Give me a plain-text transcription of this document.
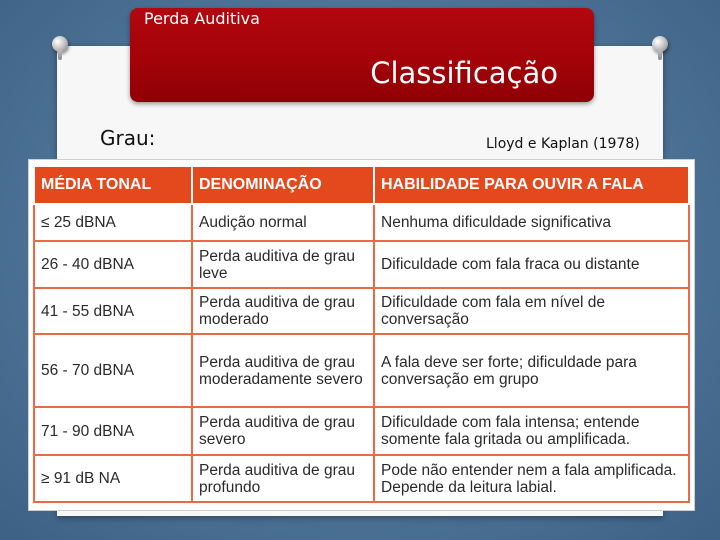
Perda Auditiva
Classificação
Grau:	Lloyd e Kaplan (1978)
MÉDIA TONAL	DENOMINAÇÃO	HABILIDADE PARA OUVIR A FALA
≤ 25 dBNA	Audição normal	Nenhuma dificuldade significativa
26 - 40 dBNA	Perda auditiva de grau leve	Dificuldade com fala fraca ou distante
41 - 55 dBNA	Perda auditiva de grau moderado	Dificuldade com fala em nível de conversação
56 - 70 dBNA	Perda auditiva de grau moderadamente severo	A fala deve ser forte; dificuldade para conversação em grupo
71 - 90 dBNA	Perda auditiva de grau severo	Dificuldade com fala intensa; entende somente fala gritada ou amplificada.
≥ 91 dB NA	Perda auditiva de grau profundo	Pode não entender nem a fala amplificada. Depende da leitura labial.
